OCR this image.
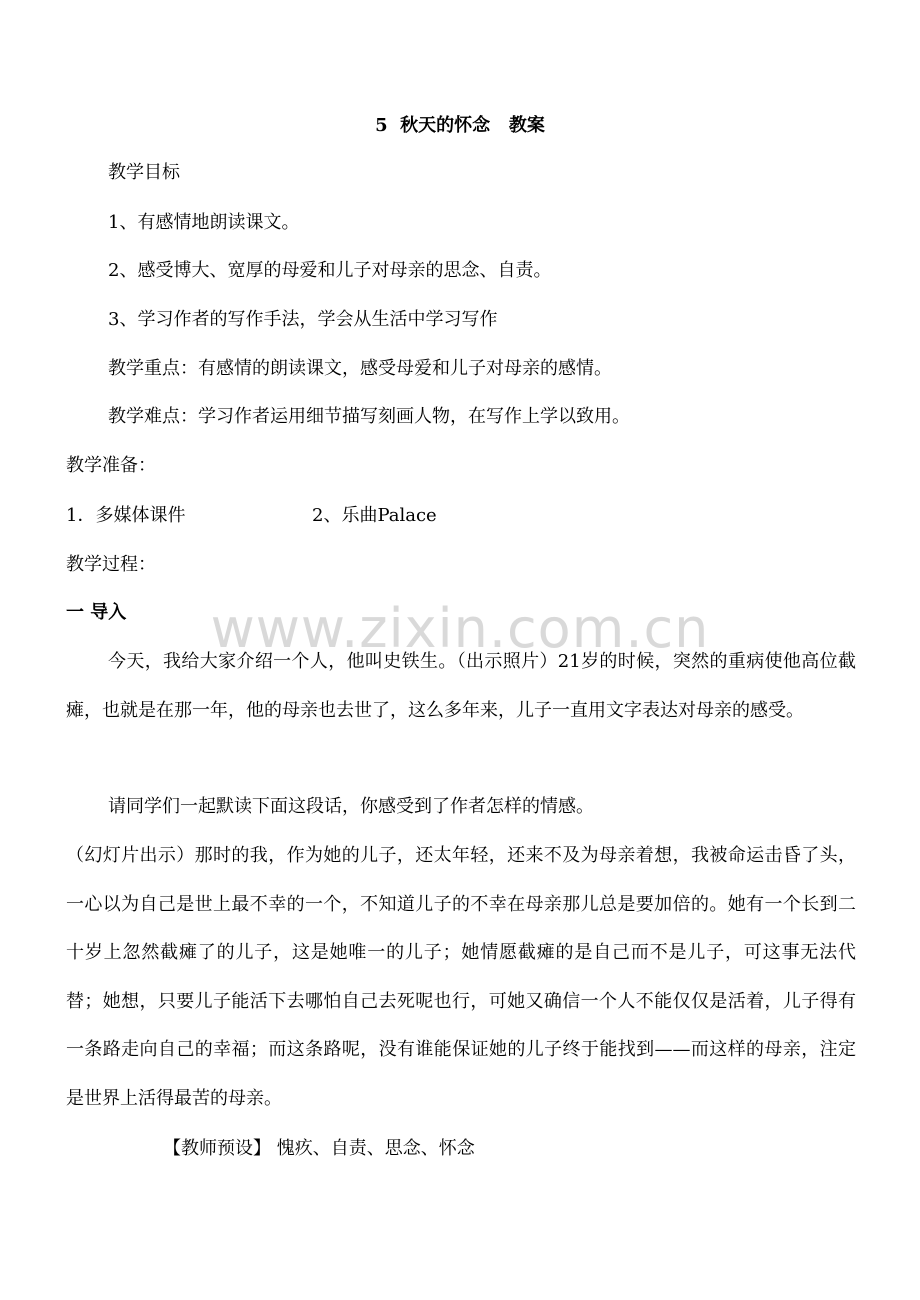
www.zixin.com.cn
5  秋天的怀念   教案
教学目标
1、有感情地朗读课文。
2、感受博大、宽厚的母爱和儿子对母亲的思念、自责。
3、学习作者的写作手法，学会从生活中学习写作
教学重点：有感情的朗读课文，感受母爱和儿子对母亲的感情。
教学难点：学习作者运用细节描写刻画人物，在写作上学以致用。
教学准备：
1．多媒体课件	2、乐曲Palace
教学过程：
一 导入

今天，我给大家介绍一个人，他叫史铁生。（出示照片）21岁的时候，突然的重病使他高位截瘫，也就是在那一年，他的母亲也去世了，这么多年来，儿子一直用文字表达对母亲的感受。

请同学们一起默读下面这段话，你感受到了作者怎样的情感。

（幻灯片出示）那时的我，作为她的儿子，还太年轻，还来不及为母亲着想，我被命运击昏了头，一心以为自己是世上最不幸的一个，不知道儿子的不幸在母亲那儿总是要加倍的。她有一个长到二十岁上忽然截瘫了的儿子，这是她唯一的儿子；她情愿截瘫的是自己而不是儿子，可这事无法代替；她想，只要儿子能活下去哪怕自己去死呢也行，可她又确信一个人不能仅仅是活着，儿子得有一条路走向自己的幸福；而这条路呢，没有谁能保证她的儿子终于能找到——而这样的母亲，注定是世界上活得最苦的母亲。

【教师预设】 愧疚、自责、思念、怀念
